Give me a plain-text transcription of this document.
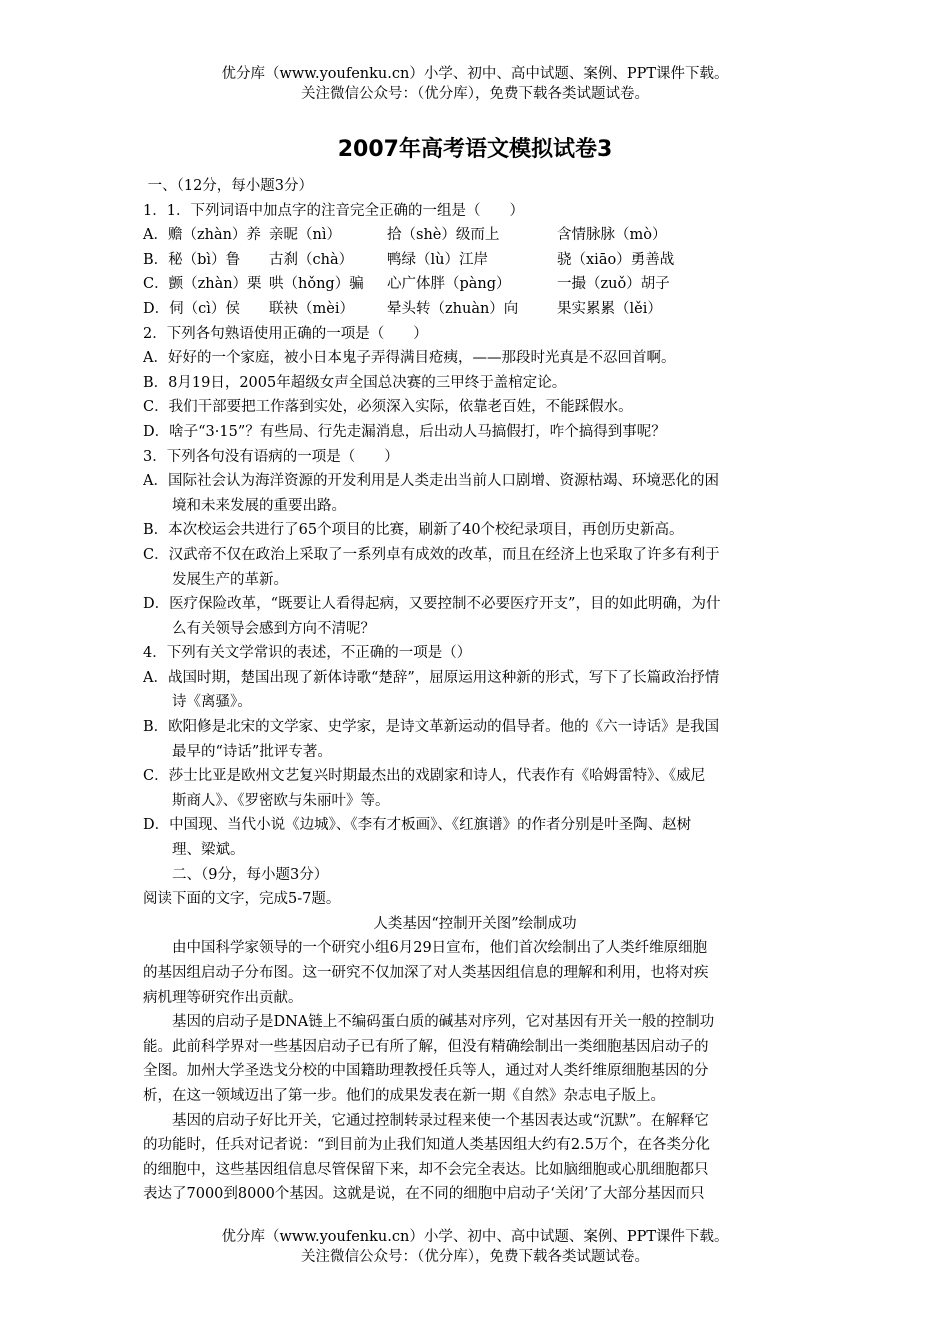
优分库（www.youfenku.cn）小学、初中、高中试题、案例、PPT课件下载。
关注微信公众号：（优分库），免费下载各类试题试卷。
2007年高考语文模拟试卷3
一、（12分，每小题3分）
1．1．下列词语中加点字的注音完全正确的一组是（　　）
A．赡（zhàn）养 亲昵（nì）	拾（shè）级而上	含情脉脉（mò）
B．秘（bì）鲁	古刹（chà）	鸭绿（lù）江岸	骁（xiāo）勇善战
C．颤（zhàn）栗 哄（hǒng）骗	心广体胖（pàng）	一撮（zuǒ）胡子
D．伺（cì）侯	联袂（mèi）	晕头转（zhuàn）向	果实累累（lěi）
2．下列各句熟语使用正确的一项是（　　）
A．好好的一个家庭，被小日本鬼子弄得满目疮痍，——那段时光真是不忍回首啊。
B．8月19日，2005年超级女声全国总决赛的三甲终于盖棺定论。
C．我们干部要把工作落到实处，必须深入实际，依靠老百姓，不能踩假水。
D．啥子“3·15”？有些局、行先走漏消息，后出动人马搞假打，咋个搞得到事呢？
3．下列各句没有语病的一项是（　　）
A．国际社会认为海洋资源的开发利用是人类走出当前人口剧增、资源枯竭、环境恶化的困
境和未来发展的重要出路。
B．本次校运会共进行了65个项目的比赛，刷新了40个校纪录项目，再创历史新高。
C．汉武帝不仅在政治上采取了一系列卓有成效的改革，而且在经济上也采取了许多有利于
发展生产的革新。
D．医疗保险改革，“既要让人看得起病，又要控制不必要医疗开支”，目的如此明确，为什
么有关领导会感到方向不清呢？
4．下列有关文学常识的表述，不正确的一项是（）
A．战国时期，楚国出现了新体诗歌“楚辞”，屈原运用这种新的形式，写下了长篇政治抒情
诗《离骚》。
B．欧阳修是北宋的文学家、史学家，是诗文革新运动的倡导者。他的《六一诗话》是我国
最早的“诗话”批评专著。
C．莎士比亚是欧州文艺复兴时期最杰出的戏剧家和诗人，代表作有《哈姆雷特》、《威尼
斯商人》、《罗密欧与朱丽叶》等。
D．中国现、当代小说《边城》、《李有才板画》、《红旗谱》的作者分别是叶圣陶、赵树
理、梁斌。
二、（9分，每小题3分）
阅读下面的文字，完成5-7题。
人类基因“控制开关图”绘制成功
由中国科学家领导的一个研究小组6月29日宣布，他们首次绘制出了人类纤维原细胞
的基因组启动子分布图。这一研究不仅加深了对人类基因组信息的理解和利用，也将对疾
病机理等研究作出贡献。
基因的启动子是DNA链上不编码蛋白质的碱基对序列，它对基因有开关一般的控制功
能。此前科学界对一些基因启动子已有所了解，但没有精确绘制出一类细胞基因启动子的
全图。加州大学圣迭戈分校的中国籍助理教授任兵等人，通过对人类纤维原细胞基因的分
析，在这一领域迈出了第一步。他们的成果发表在新一期《自然》杂志电子版上。
基因的启动子好比开关，它通过控制转录过程来使一个基因表达或“沉默”。在解释它
的功能时，任兵对记者说：“到目前为止我们知道人类基因组大约有2.5万个，在各类分化
的细胞中，这些基因组信息尽管保留下来，却不会完全表达。比如脑细胞或心肌细胞都只
表达了7000到8000个基因。这就是说，在不同的细胞中启动子‘关闭’了大部分基因而只
优分库（www.youfenku.cn）小学、初中、高中试题、案例、PPT课件下载。
关注微信公众号：（优分库），免费下载各类试题试卷。
